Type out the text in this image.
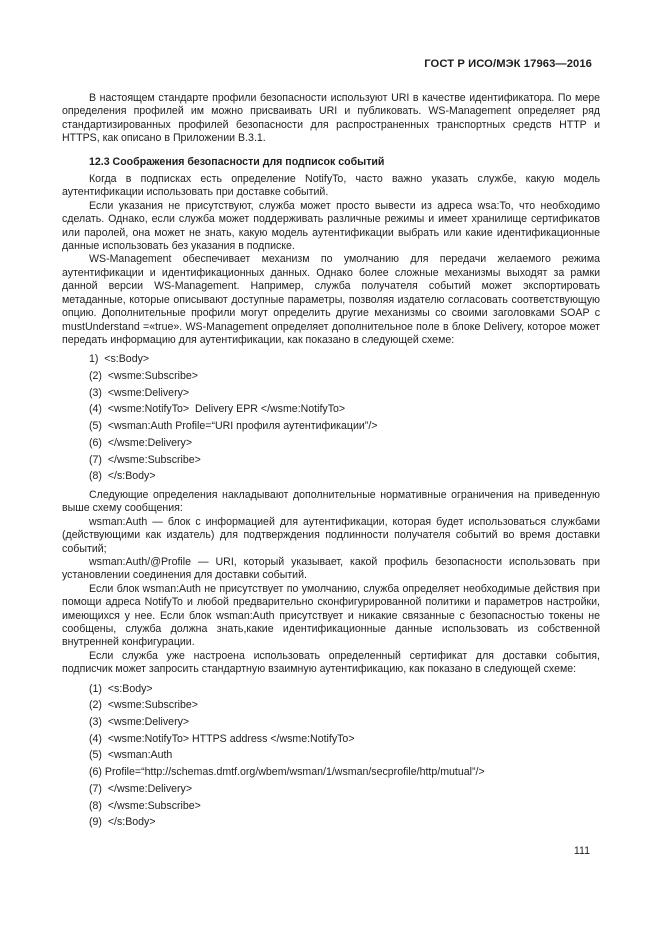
ГОСТ Р ИСО/МЭК 17963—2016

В настоящем стандарте профили безопасности используют URI в качестве идентификатора. По мере определения профилей им можно присваивать URI и публиковать. WS-Management определяет ряд стандартизированных профилей безопасности для распространенных транспортных средств HTTP и HTTPS, как описано в Приложении В.3.1.

12.3 Соображения безопасности для подписок событий

Когда в подписках есть определение NotifyTo, часто важно указать службе, какую модель аутентификации использовать при доставке событий.

Если указания не присутствуют, служба может просто вывести из адреса wsa:To, что необходимо сделать. Однако, если служба может поддерживать различные режимы и имеет хранилище сертификатов или паролей, она может не знать, какую модель аутентификации выбрать или какие идентификационные данные использовать без указания в подписке.

WS-Management обеспечивает механизм по умолчанию для передачи желаемого режима аутентификации и идентификационных данных. Однако более сложные механизмы выходят за рамки данной версии WS-Management. Например, служба получателя событий может экспортировать метаданные, которые описывают доступные параметры, позволяя издателю согласовать соответствующую опцию. Дополнительные профили могут определить другие механизмы со своими заголовками SOAP с mustUnderstand =«true». WS-Management определяет дополнительное поле в блоке Delivery, которое может передать информацию для аутентификации, как показано в следующей схеме:

1)  <s:Body>
(2)  <wsme:Subscribe>
(3)  <wsme:Delivery>
(4)  <wsme:NotifyTo>  Delivery EPR </wsme:NotifyTo>
(5)  <wsman:Auth Profile=“URI профиля аутентификации”/>
(6)  </wsme:Delivery>
(7)  </wsme:Subscribe>
(8)  </s:Body>

Следующие определения накладывают дополнительные нормативные ограничения на приведенную выше схему сообщения:

wsman:Auth — блок с информацией для аутентификации, которая будет использоваться службами (действующими как издатель) для подтверждения подлинности получателя событий во время доставки событий;

wsman:Auth/@Profile — URI, который указывает, какой профиль безопасности использовать при установлении соединения для доставки событий.

Если блок wsman:Auth не присутствует по умолчанию, служба определяет необходимые действия при помощи адреса NotifyTo и любой предварительно сконфигурированной политики и параметров настройки, имеющихся у нее. Если блок wsman:Auth присутствует и никакие связанные с безопасностью токены не сообщены, служба должна знать,какие идентификационные данные использовать из собственной внутренней конфигурации.

Если служба уже настроена использовать определенный сертификат для доставки события, подписчик может запросить стандартную взаимную аутентификацию, как показано в следующей схеме:

(1)  <s:Body>
(2)  <wsme:Subscribe>
(3)  <wsme:Delivery>
(4)  <wsme:NotifyTo> HTTPS address </wsme:NotifyTo>
(5)  <wsman:Auth
(6) Profile=“http://schemas.dmtf.org/wbem/wsman/1/wsman/secprofile/http/mutual”/>
(7)  </wsme:Delivery>
(8)  </wsme:Subscribe>
(9)  </s:Body>
111
